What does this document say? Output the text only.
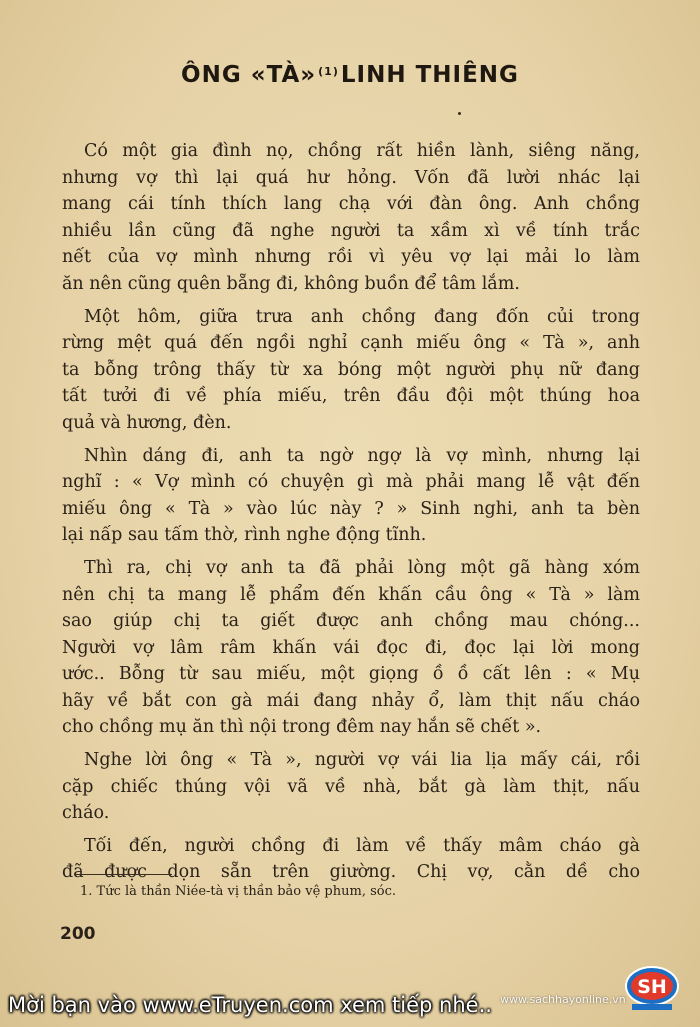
ÔNG «TÀ» $^{(1)}$LINH THIÊNG
Có một gia đình nọ, chồng rất hiền lành, siêng năng,
nhưng vợ thì lại quá hư hỏng. Vốn đã lười nhác lại
mang cái tính thích lang chạ với đàn ông. Anh chồng
nhiều lần cũng đã nghe người ta xầm xì về tính trắc
nết của vợ mình nhưng rồi vì yêu vợ lại mải lo làm
ăn nên cũng quên bẵng đi, không buồn để tâm lắm.
Một hôm, giữa trưa anh chồng đang đốn củi trong
rừng mệt quá đến ngồi nghỉ cạnh miếu ông « Tà », anh
ta bỗng trông thấy từ xa bóng một người phụ nữ đang
tất tưởi đi về phía miếu, trên đầu đội một thúng hoa
quả và hương, đèn.
Nhìn dáng đi, anh ta ngờ ngợ là vợ mình, nhưng lại
nghĩ : « Vợ mình có chuyện gì mà phải mang lễ vật đến
miếu ông « Tà » vào lúc này ? » Sinh nghi, anh ta bèn
lại nấp sau tấm thờ, rình nghe động tĩnh.
Thì ra, chị vợ anh ta đã phải lòng một gã hàng xóm
nên chị ta mang lễ phẩm đến khấn cầu ông « Tà » làm
sao giúp chị ta giết được anh chồng mau chóng...
Người vợ lâm râm khấn vái đọc đi, đọc lại lời mong
ước.. Bỗng từ sau miếu, một giọng ồ ồ cất lên : « Mụ
hãy về bắt con gà mái đang nhảy ổ, làm thịt nấu cháo
cho chồng mụ ăn thì nội trong đêm nay hắn sẽ chết ».
Nghe lời ông « Tà », người vợ vái lia lịa mấy cái, rồi
cặp chiếc thúng vội vã về nhà, bắt gà làm thịt, nấu
cháo.
Tối đến, người chồng đi làm về thấy mâm cháo gà
đã được dọn sẵn trên giường. Chị vợ, cằn dề cho
1. Tức là thần Niée-tà vị thần bảo vệ phum, sóc.
200
Mời bạn vào www.eTruyen.com xem tiếp nhé.. www.sachhayonline.vn
SH
